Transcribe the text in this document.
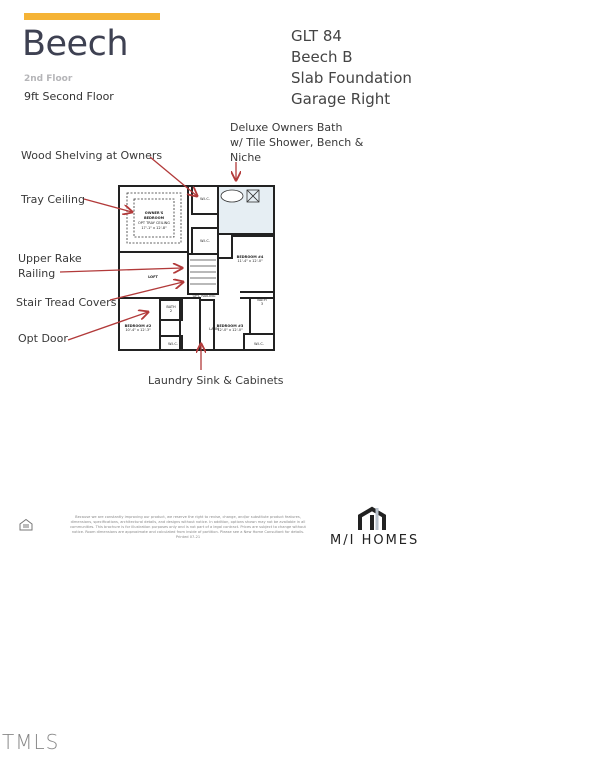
Beech
2nd Floor
9ft Second Floor
GLT 84
Beech B
Slab Foundation
Garage Right
Deluxe Owners Bath
w/ Tile Shower, Bench &
Niche
Wood Shelving at Owners
Tray Ceiling
Upper Rake
Railing
Stair Tread Covers
Opt Door
Laundry Sink & Cabinets
OWNER'S
BEDROOM
OPT TRAY CEILING
17'-1" x 12'-8"
BEDROOM #4
11'-4" x 12'-0"
LOFT
BEDROOM #2
10'-4" x 12'-3"
BEDROOM #3
12'-0" x 12'-0"
W.I.C.
W.I.C.
BATH
2
BATH
3
LAUN
OPT. RAILING
W.I.C.	W.I.C.
Because we are constantly improving our product, we reserve the right to revise, change, and/or substitute product features, dimensions, specifications, architectural details, and designs without notice. In addition, options shown may not be available in all communities. This brochure is for illustration purposes only and is not part of a legal contract. Prices are subject to change without notice. Room dimensions are approximate and calculated from inside of partition. Please see a New Home Consultant for details. Printed 07-21	M/I HOMES
TMLS
